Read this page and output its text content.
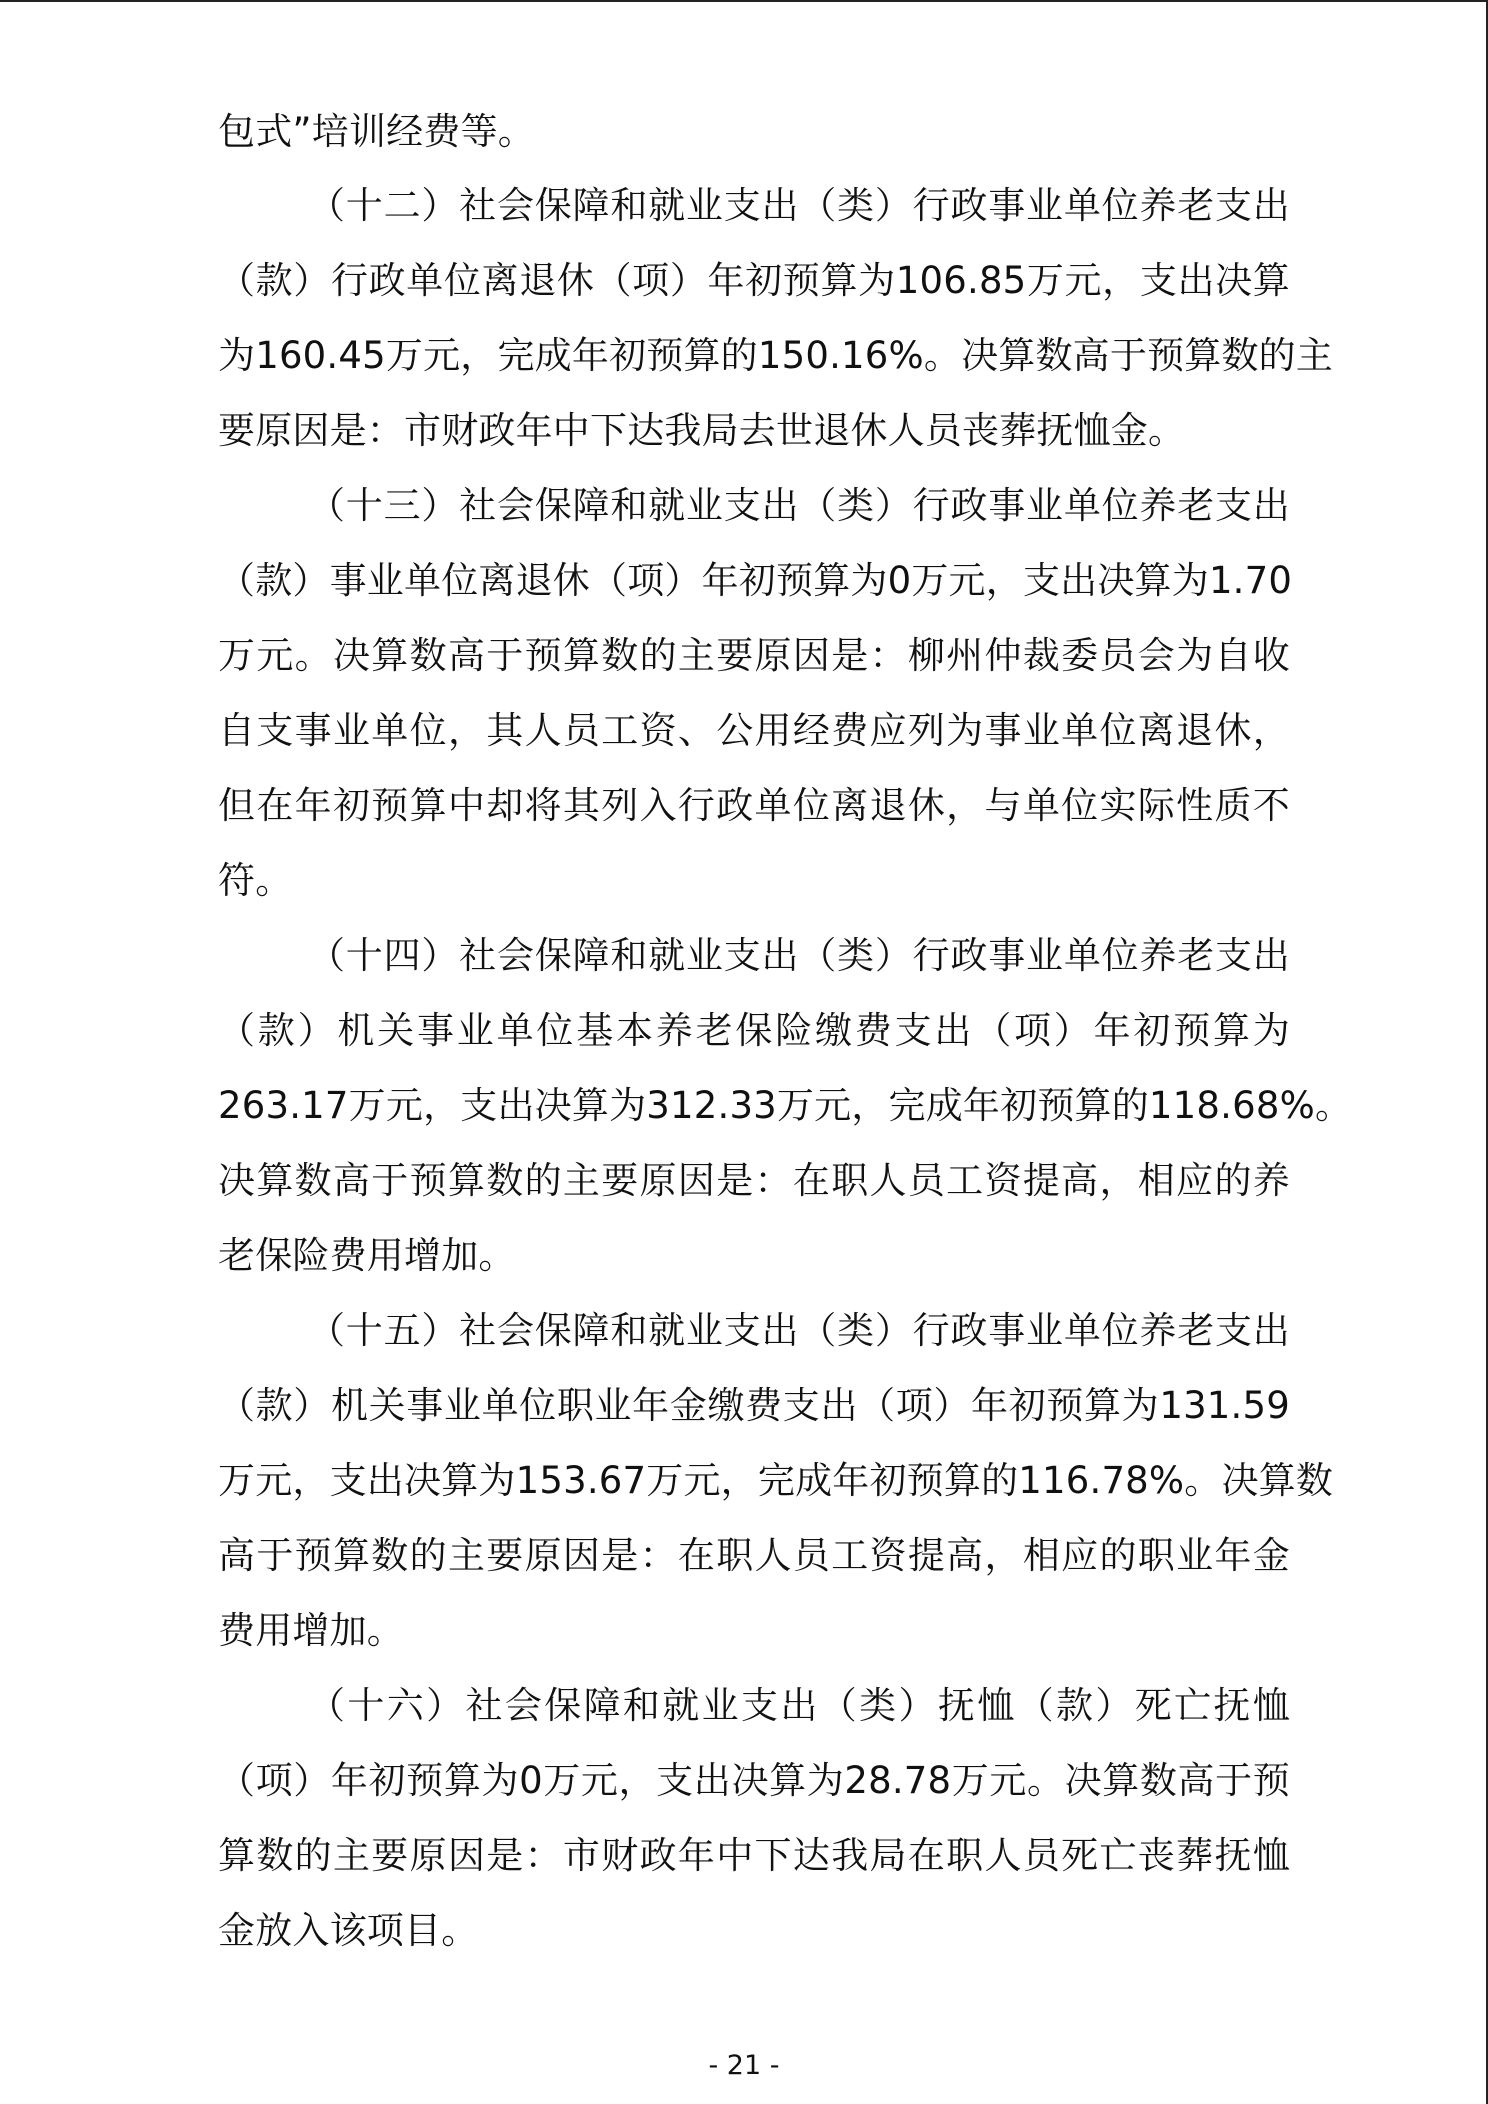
包式”培训经费等。
（十二）社会保障和就业支出（类）行政事业单位养老支出
（款）行政单位离退休（项）年初预算为106.85万元，支出决算
为160.45万元，完成年初预算的150.16%。决算数高于预算数的主
要原因是：市财政年中下达我局去世退休人员丧葬抚恤金。
（十三）社会保障和就业支出（类）行政事业单位养老支出
（款）事业单位离退休（项）年初预算为0万元，支出决算为1.70
万元。决算数高于预算数的主要原因是：柳州仲裁委员会为自收
自支事业单位，其人员工资、公用经费应列为事业单位离退休，
但在年初预算中却将其列入行政单位离退休，与单位实际性质不
符。
（十四）社会保障和就业支出（类）行政事业单位养老支出
（款）机关事业单位基本养老保险缴费支出（项）年初预算为
263.17万元，支出决算为312.33万元，完成年初预算的118.68%。
决算数高于预算数的主要原因是：在职人员工资提高，相应的养
老保险费用增加。
（十五）社会保障和就业支出（类）行政事业单位养老支出
（款）机关事业单位职业年金缴费支出（项）年初预算为131.59
万元，支出决算为153.67万元，完成年初预算的116.78%。决算数
高于预算数的主要原因是：在职人员工资提高，相应的职业年金
费用增加。
（十六）社会保障和就业支出（类）抚恤（款）死亡抚恤
（项）年初预算为0万元，支出决算为28.78万元。决算数高于预
算数的主要原因是：市财政年中下达我局在职人员死亡丧葬抚恤
金放入该项目。
- 21 -
